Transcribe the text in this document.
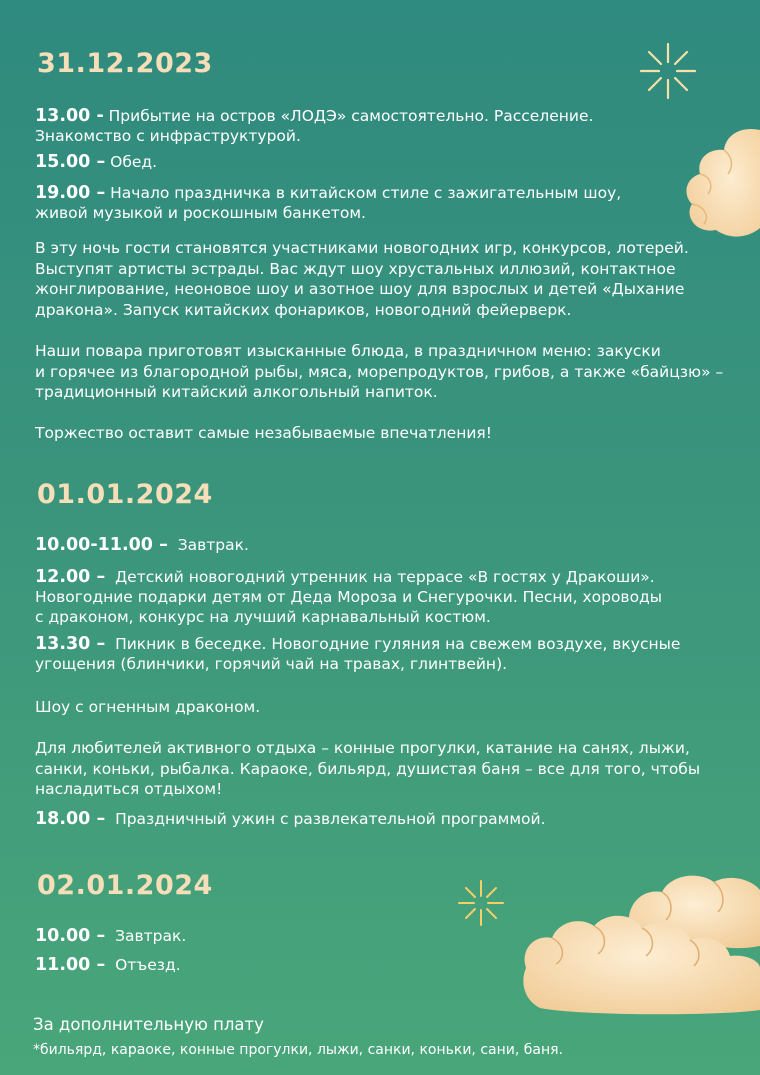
31.12.2023

13.00 - Прибытие на остров «ЛОДЭ» самостоятельно. Расселение.
Знакомство с инфраструктурой.

15.00 – Обед.

19.00 – Начало праздничка в китайском стиле с зажигательным шоу,
живой музыкой и роскошным банкетом.

В эту ночь гости становятся участниками новогодних игр, конкурсов, лотерей.
Выступят артисты эстрады. Вас ждут шоу хрустальных иллюзий, контактное
жонглирование, неоновое шоу и азотное шоу для взрослых и детей «Дыхание
дракона». Запуск китайских фонариков, новогодний фейерверк.

Наши повара приготовят изысканные блюда, в праздничном меню: закуски
и горячее из благородной рыбы, мяса, морепродуктов, грибов, а также «байцзю» –
традиционный китайский алкогольный напиток.

Торжество оставит самые незабываемые впечатления!

01.01.2024

10.00-11.00 – Завтрак.

12.00 – Детский новогодний утренник на террасе «В гостях у Дракоши».
Новогодние подарки детям от Деда Мороза и Снегурочки. Песни, хороводы
с драконом, конкурс на лучший карнавальный костюм.

13.30 – Пикник в беседке. Новогодние гуляния на свежем воздухе, вкусные
угощения (блинчики, горячий чай на травах, глинтвейн).

Шоу с огненным драконом.

Для любителей активного отдыха – конные прогулки, катание на санях, лыжи,
санки, коньки, рыбалка. Караоке, бильярд, душистая баня – все для того, чтобы
насладиться отдыхом!

18.00 – Праздничный ужин с развлекательной программой.

02.01.2024

10.00 – Завтрак.

11.00 – Отъезд.

За дополнительную плату

*бильярд, караоке, конные прогулки, лыжи, санки, коньки, сани, баня.
